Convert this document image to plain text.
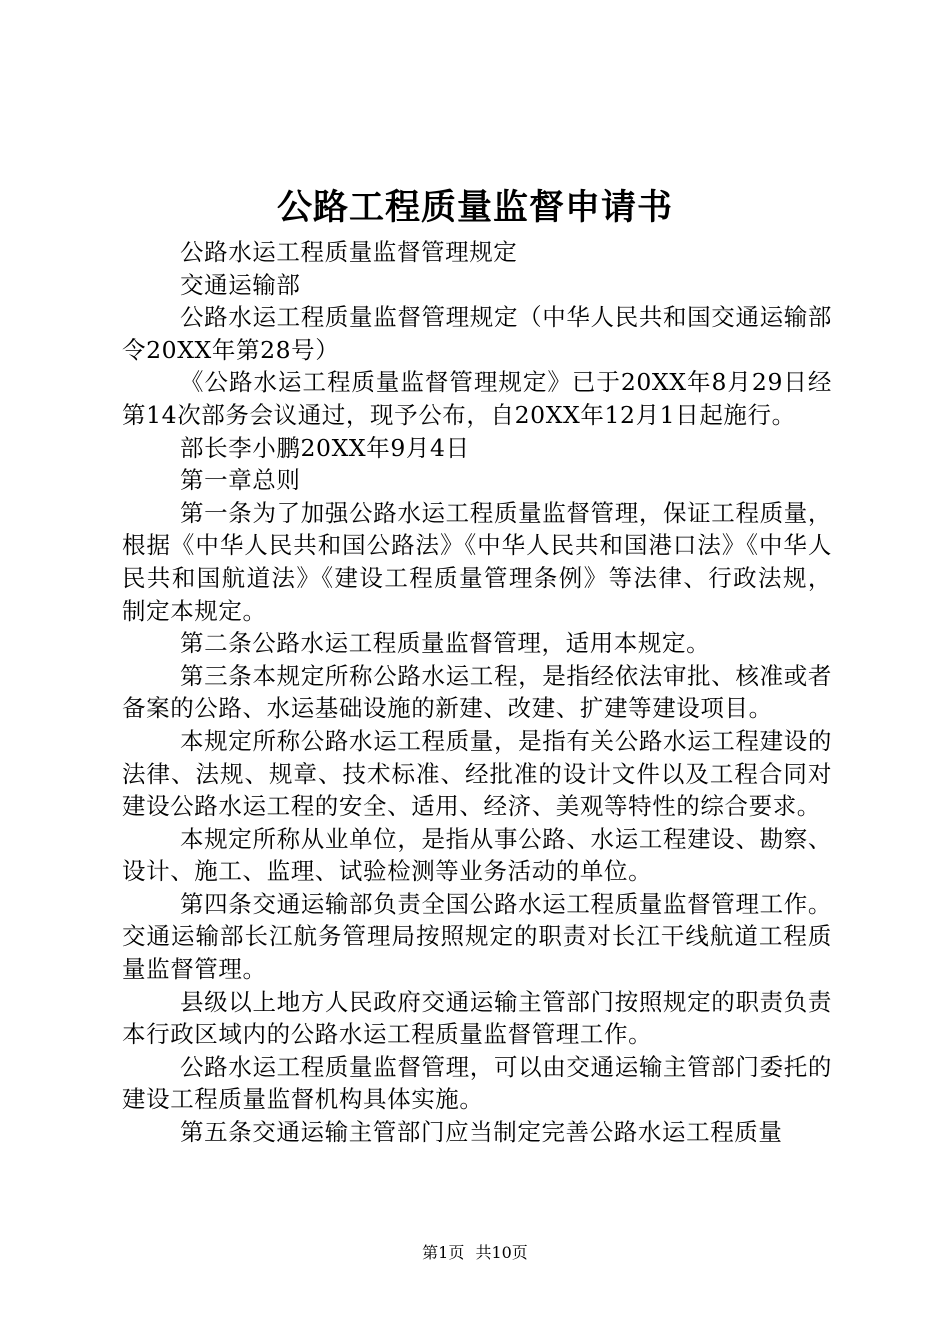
公路工程质量监督申请书

公路水运工程质量监督管理规定

交通运输部

公路水运工程质量监督管理规定（中华人民共和国交通运输部令20XX年第28号）

《公路水运工程质量监督管理规定》已于20XX年8月29日经第14次部务会议通过，现予公布，自20XX年12月1日起施行。

部长李小鹏20XX年9月4日

第一章总则

第一条为了加强公路水运工程质量监督管理，保证工程质量，根据《中华人民共和国公路法》《中华人民共和国港口法》《中华人民共和国航道法》《建设工程质量管理条例》等法律、行政法规，制定本规定。

第二条公路水运工程质量监督管理，适用本规定。

第三条本规定所称公路水运工程，是指经依法审批、核准或者备案的公路、水运基础设施的新建、改建、扩建等建设项目。

本规定所称公路水运工程质量，是指有关公路水运工程建设的法律、法规、规章、技术标准、经批准的设计文件以及工程合同对建设公路水运工程的安全、适用、经济、美观等特性的综合要求。

本规定所称从业单位，是指从事公路、水运工程建设、勘察、设计、施工、监理、试验检测等业务活动的单位。

第四条交通运输部负责全国公路水运工程质量监督管理工作。交通运输部长江航务管理局按照规定的职责对长江干线航道工程质量监督管理。

县级以上地方人民政府交通运输主管部门按照规定的职责负责本行政区域内的公路水运工程质量监督管理工作。

公路水运工程质量监督管理，可以由交通运输主管部门委托的建设工程质量监督机构具体实施。

第五条交通运输主管部门应当制定完善公路水运工程质量

第1页 共10页
